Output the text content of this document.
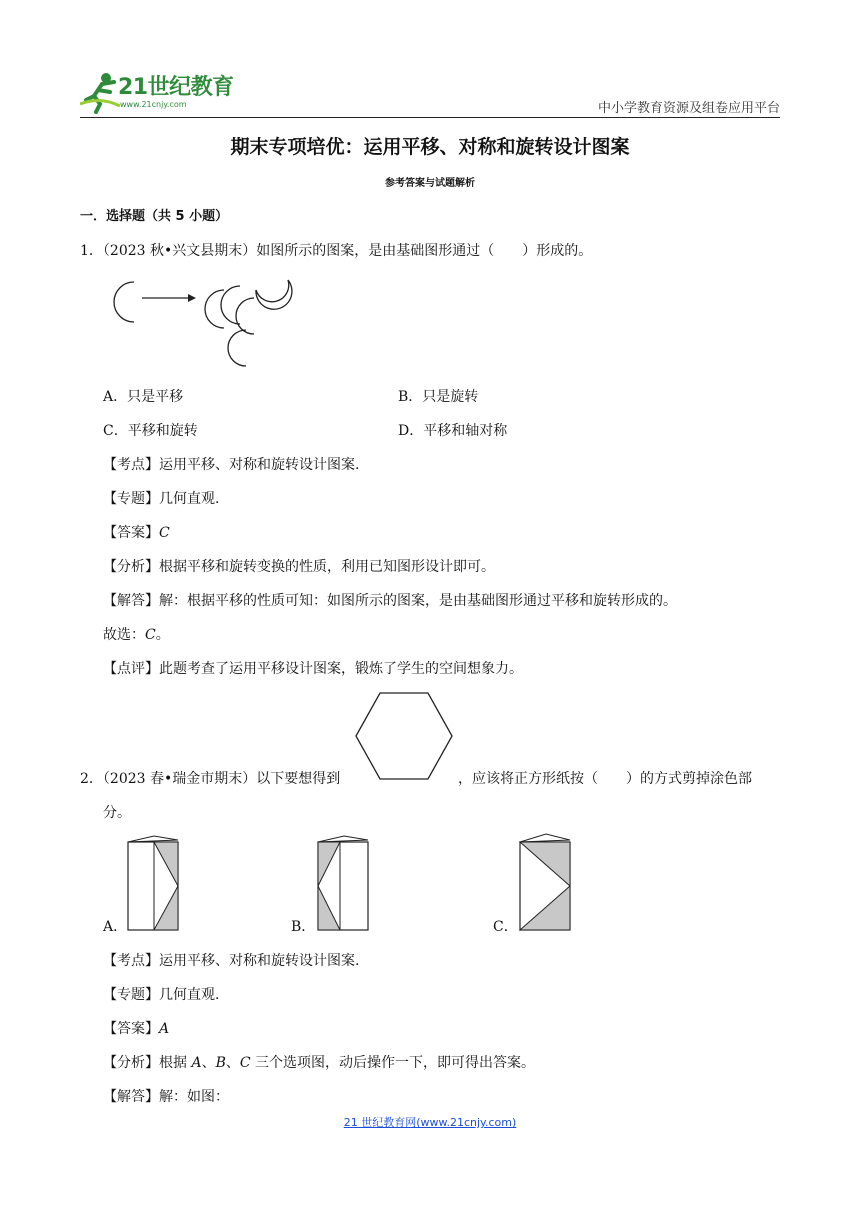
21世纪教育
www.21cnjy.com	中小学教育资源及组卷应用平台
期末专项培优：运用平移、对称和旋转设计图案
参考答案与试题解析
一．选择题（共 5 小题）
1．（2023 秋•兴文县期末）如图所示的图案，是由基础图形通过（　　）形成的。
A．只是平移	B．只是旋转
C．平移和旋转	D．平移和轴对称
【考点】运用平移、对称和旋转设计图案.
【专题】几何直观.
【答案】C
【分析】根据平移和旋转变换的性质，利用已知图形设计即可。
【解答】解：根据平移的性质可知：如图所示的图案，是由基础图形通过平移和旋转形成的。
故选：C。
【点评】此题考查了运用平移设计图案，锻炼了学生的空间想象力。
2．（2023 春•瑞金市期末）以下要想得到	，应该将正方形纸按（　　）的方式剪掉涂色部
分。
A．	B．	C．
【考点】运用平移、对称和旋转设计图案.
【专题】几何直观.
【答案】A
【分析】根据 A、B、C 三个选项图，动后操作一下，即可得出答案。
【解答】解：如图：
21 世纪教育网(www.21cnjy.com)
